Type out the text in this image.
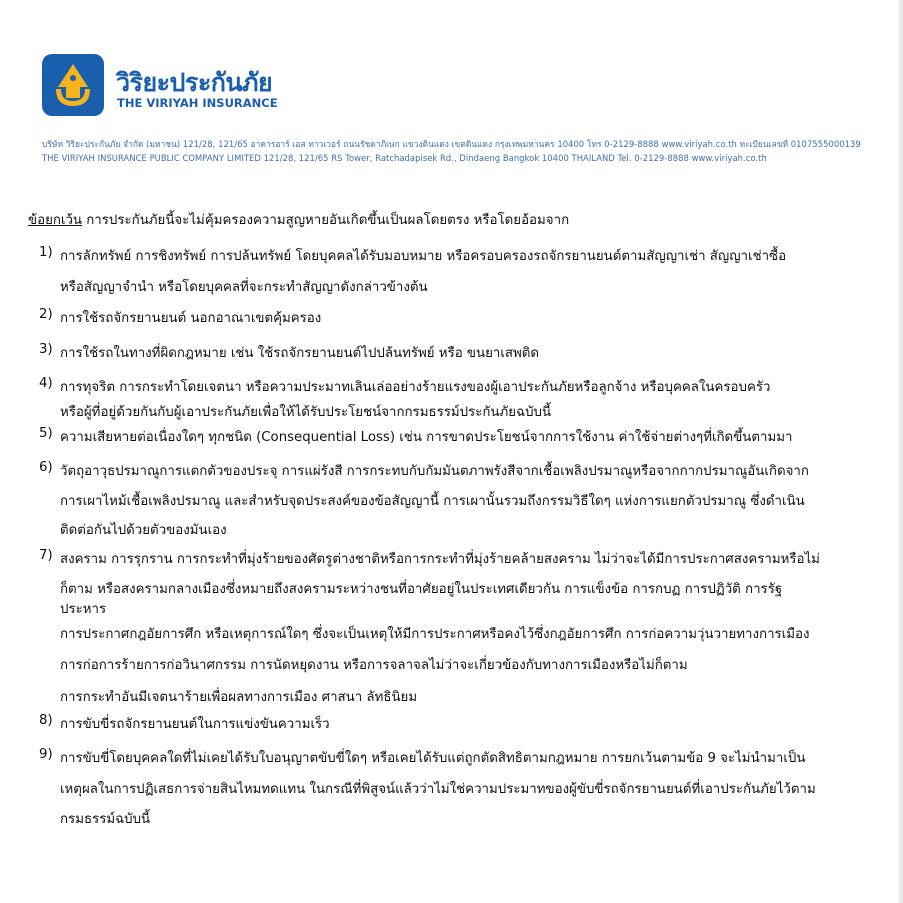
วิริยะประกันภัย
THE VIRIYAH INSURANCE
บริษัท วิริยะประกันภัย จำกัด (มหาชน) 121/28, 121/65 อาคารอาร์ เอส ทาวเวอร์ ถนนรัชดาภิเษก แขวงดินแดง เขตดินแดง กรุงเทพมหานคร 10400 โทร 0-2129-8888 www.viriyah.co.th ทะเบียนเลขที่ 0107555000139
THE VIRIYAH INSURANCE PUBLIC COMPANY LIMITED 121/28, 121/65 RS Tower, Ratchadapisek Rd., Dindaeng Bangkok 10400 THAILAND Tel. 0-2129-8888 www.viriyah.co.th
ข้อยกเว้น การประกันภัยนี้จะไม่คุ้มครองความสูญหายอันเกิดขึ้นเป็นผลโดยตรง หรือโดยอ้อมจาก
1) การลักทรัพย์ การชิงทรัพย์ การปล้นทรัพย์ โดยบุคคลได้รับมอบหมาย หรือครอบครองรถจักรยานยนต์ตามสัญญาเช่า สัญญาเช่าซื้อ
หรือสัญญาจำนำ หรือโดยบุคคลที่จะกระทำสัญญาดังกล่าวข้างต้น
2) การใช้รถจักรยานยนต์ นอกอาณาเขตคุ้มครอง
3) การใช้รถในทางที่ผิดกฎหมาย เช่น ใช้รถจักรยานยนต์ไปปล้นทรัพย์ หรือ ขนยาเสพติด
4) การทุจริต การกระทำโดยเจตนา หรือความประมาทเลินเล่ออย่างร้ายแรงของผู้เอาประกันภัยหรือลูกจ้าง หรือบุคคลในครอบครัว
หรือผู้ที่อยู่ด้วยกันกับผู้เอาประกันภัยเพื่อให้ได้รับประโยชน์จากกรมธรรม์ประกันภัยฉบับนี้
5) ความเสียหายต่อเนื่องใดๆ ทุกชนิด (Consequential Loss) เช่น การขาดประโยชน์จากการใช้งาน ค่าใช้จ่ายต่างๆที่เกิดขึ้นตามมา
6) วัตถุอาวุธปรมาณูการแตกตัวของประจุ การแผ่รังสี การกระทบกับกัมมันตภาพรังสีจากเชื้อเพลิงปรมาณูหรือจากกากปรมาณูอันเกิดจาก
การเผาไหม้เชื้อเพลิงปรมาณู และสำหรับจุดประสงค์ของข้อสัญญานี้ การเผานั้นรวมถึงกรรมวิธีใดๆ แห่งการแยกตัวปรมาณู ซึ่งดำเนิน
ติดต่อกันไปด้วยตัวของมันเอง
7) สงคราม การรุกราน การกระทำที่มุ่งร้ายของศัตรูต่างชาติหรือการกระทำที่มุ่งร้ายคล้ายสงคราม ไม่ว่าจะได้มีการประกาศสงครามหรือไม่
ก็ตาม หรือสงครามกลางเมืองซึ่งหมายถึงสงครามระหว่างชนที่อาศัยอยู่ในประเทศเดียวกัน การแข็งข้อ การกบฏ การปฏิวัติ การรัฐ
ประหาร
การประกาศกฎอัยการศึก หรือเหตุการณ์ใดๆ ซึ่งจะเป็นเหตุให้มีการประกาศหรือคงไว้ซึ่งกฎอัยการศึก การก่อความวุ่นวายทางการเมือง
การก่อการร้ายการก่อวินาศกรรม การนัดหยุดงาน หรือการจลาจลไม่ว่าจะเกี่ยวข้องกับทางการเมืองหรือไม่ก็ตาม
การกระทำอันมีเจตนาร้ายเพื่อผลทางการเมือง ศาสนา ลัทธินิยม
8) การขับขี่รถจักรยานยนต์ในการแข่งขันความเร็ว
9) การขับขี่โดยบุคคลใดที่ไม่เคยได้รับใบอนุญาตขับขี่ใดๆ หรือเคยได้รับแต่ถูกตัดสิทธิตามกฎหมาย การยกเว้นตามข้อ 9 จะไม่นำมาเป็น
เหตุผลในการปฏิเสธการจ่ายสินไหมทดแทน ในกรณีที่พิสูจน์แล้วว่าไม่ใช่ความประมาทของผู้ขับขี่รถจักรยานยนต์ที่เอาประกันภัยไว้ตาม
กรมธรรม์ฉบับนี้
